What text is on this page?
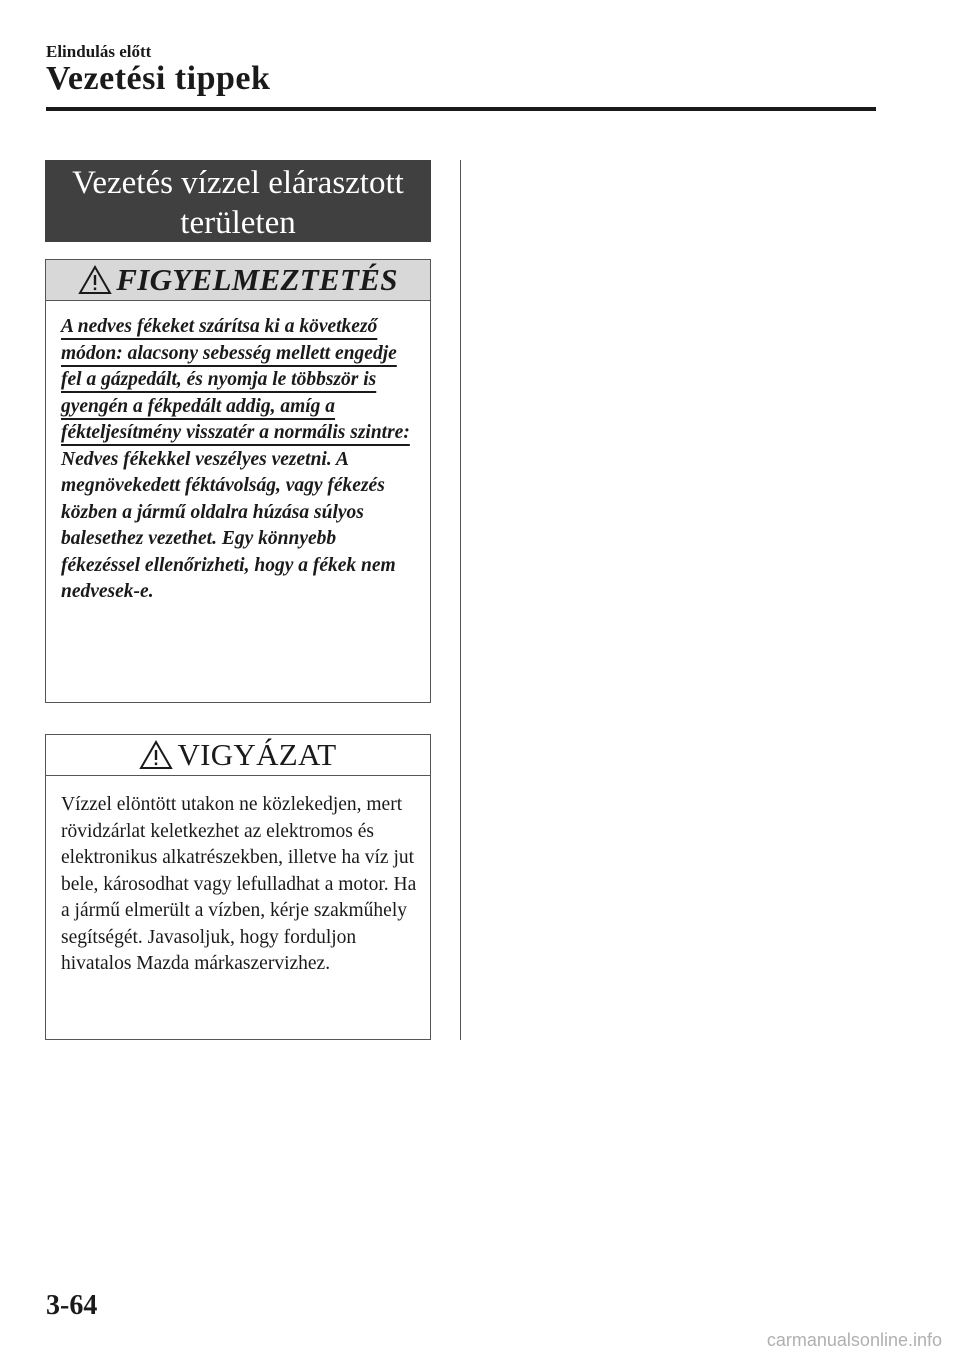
Elindulás előtt
Vezetési tippek
Vezetés vízzel elárasztott területen
FIGYELMEZTETÉS
A nedves fékeket szárítsa ki a következő módon: alacsony sebesség mellett engedje fel a gázpedált, és nyomja le többször is gyengén a fékpedált addig, amíg a fékteljesítmény visszatér a normális szintre:
Nedves fékekkel veszélyes vezetni. A megnövekedett féktávolság, vagy fékezés közben a jármű oldalra húzása súlyos balesethez vezethet. Egy könnyebb fékezéssel ellenőrizheti, hogy a fékek nem nedvesek-e.
VIGYÁZAT
Vízzel elöntött utakon ne közlekedjen, mert rövidzárlat keletkezhet az elektromos és elektronikus alkatrészekben, illetve ha víz jut bele, károsodhat vagy lefulladhat a motor. Ha a jármű elmerült a vízben, kérje szakműhely segítségét. Javasoljuk, hogy forduljon hivatalos Mazda márkaszervizhez.
3-64
carmanualsonline.info
